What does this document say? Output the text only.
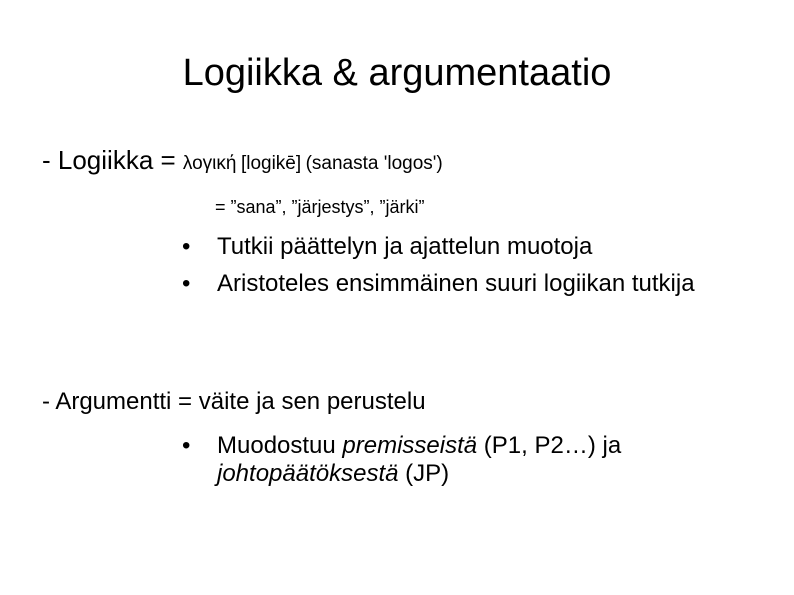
Logiikka & argumentaatio
- Logiikka = λογική [logikē] (sanasta 'logos')
= ”sana”, ”järjestys”, ”järki”
• Tutkii päättelyn ja ajattelun muotoja
• Aristoteles ensimmäinen suuri logiikan tutkija
- Argumentti = väite ja sen perustelu
• Muodostuu premisseistä (P1, P2…) ja johtopäätöksestä (JP)
